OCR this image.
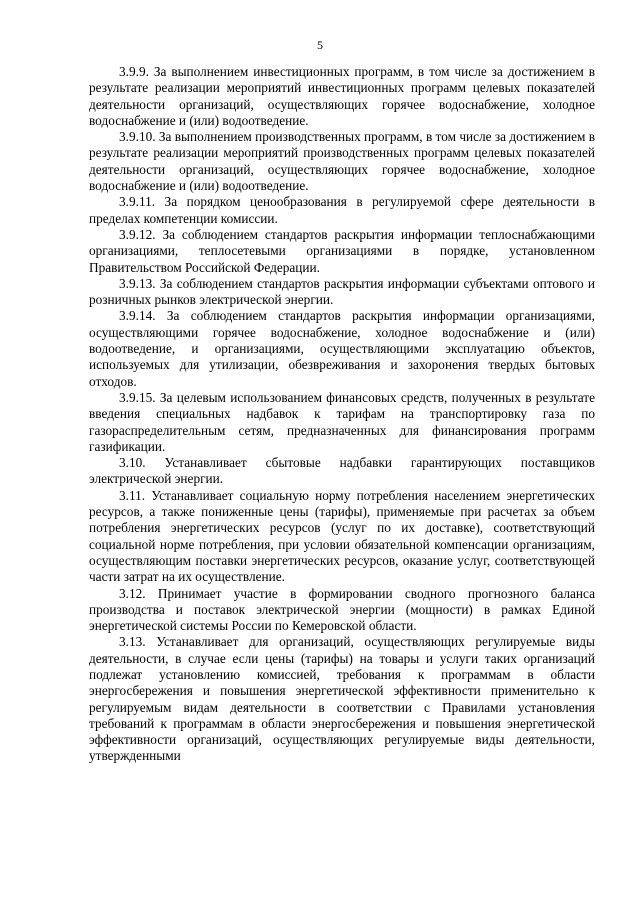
5

3.9.9. За выполнением инвестиционных программ, в том числе за достижением в результате реализации мероприятий инвестиционных программ целевых показателей деятельности организаций, осуществляющих горячее водоснабжение, холодное водоснабжение и (или) водоотведение.

3.9.10. За выполнением производственных программ, в том числе за достижением в результате реализации мероприятий производственных программ целевых показателей деятельности организаций, осуществляющих горячее водоснабжение, холодное водоснабжение и (или) водоотведение.

3.9.11. За порядком ценообразования в регулируемой сфере деятельности в пределах компетенции комиссии.

3.9.12. За соблюдением стандартов раскрытия информации теплоснабжающими организациями, теплосетевыми организациями в порядке, установленном Правительством Российской Федерации.

3.9.13. За соблюдением стандартов раскрытия информации субъектами оптового и розничных рынков электрической энергии.

3.9.14. За соблюдением стандартов раскрытия информации организациями, осуществляющими горячее водоснабжение, холодное водоснабжение и (или) водоотведение, и организациями, осуществляющими эксплуатацию объектов, используемых для утилизации, обезвреживания и захоронения твердых бытовых отходов.

3.9.15. За целевым использованием финансовых средств, полученных в результате введения специальных надбавок к тарифам на транспортировку газа по газораспределительным сетям, предназначенных для финансирования программ газификации.

3.10. Устанавливает сбытовые надбавки гарантирующих поставщиков электрической энергии.

3.11. Устанавливает социальную норму потребления населением энергетических ресурсов, а также пониженные цены (тарифы), применяемые при расчетах за объем потребления энергетических ресурсов (услуг по их доставке), соответствующий социальной норме потребления, при условии обязательной компенсации организациям, осуществляющим поставки энергетических ресурсов, оказание услуг, соответствующей части затрат на их осуществление.

3.12. Принимает участие в формировании сводного прогнозного баланса производства и поставок электрической энергии (мощности) в рамках Единой энергетической системы России по Кемеровской области.

3.13. Устанавливает для организаций, осуществляющих регулируемые виды деятельности, в случае если цены (тарифы) на товары и услуги таких организаций подлежат установлению комиссией, требования к программам в области энергосбережения и повышения энергетической эффективности применительно к регулируемым видам деятельности в соответствии с Правилами установления требований к программам в области энергосбережения и повышения энергетической эффективности организаций, осуществляющих регулируемые виды деятельности, утвержденными
